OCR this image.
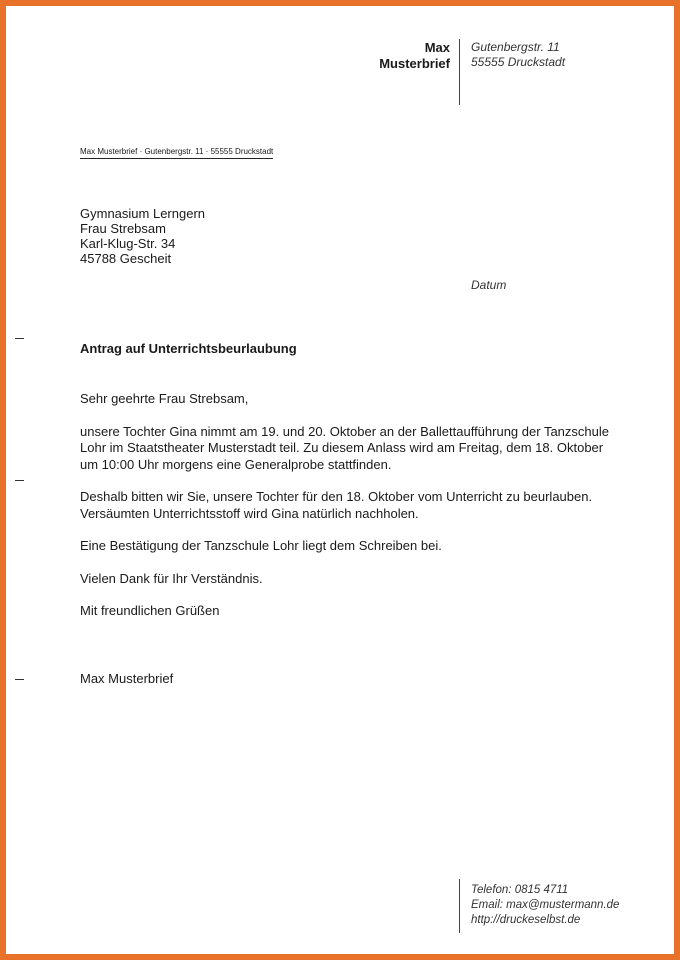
Max
Musterbrief
Gutenbergstr. 11
55555 Druckstadt
Max Musterbrief · Gutenbergstr. 11 · 55555 Druckstadt
Gymnasium Lerngern
Frau Strebsam
Karl-Klug-Str. 34
45788 Gescheit
Datum
Antrag auf Unterrichtsbeurlaubung

Sehr geehrte Frau Strebsam,

unsere Tochter Gina nimmt am 19. und 20. Oktober an der Ballettaufführung der Tanzschule Lohr im Staatstheater Musterstadt teil. Zu diesem Anlass wird am Freitag, dem 18. Oktober um 10:00 Uhr morgens eine Generalprobe stattfinden.

Deshalb bitten wir Sie, unsere Tochter für den 18. Oktober vom Unterricht zu beurlauben. Versäumten Unterrichtsstoff wird Gina natürlich nachholen.

Eine Bestätigung der Tanzschule Lohr liegt dem Schreiben bei.

Vielen Dank für Ihr Verständnis.

Mit freundlichen Grüßen

Max Musterbrief
Telefon: 0815 4711
Email: max@mustermann.de
http://druckeselbst.de
